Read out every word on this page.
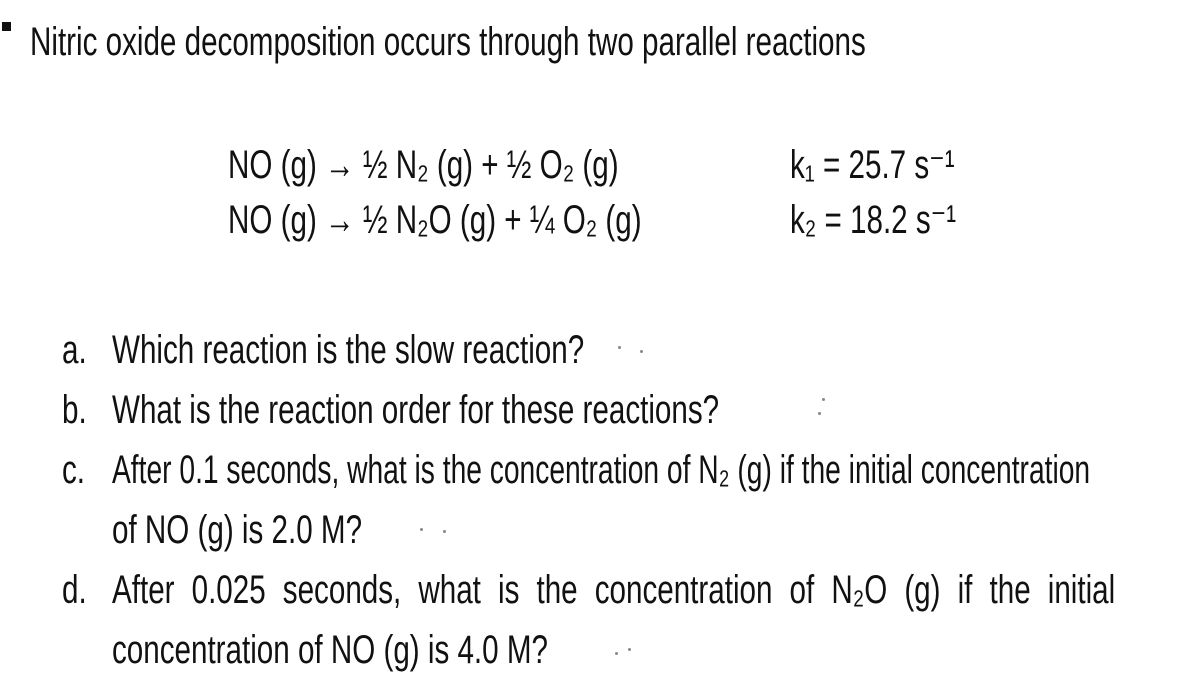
Nitric oxide decomposition occurs through two parallel reactions
NO (g) → ½ N₂ (g) + ½ O₂ (g)	k₁ = 25.7 s⁻¹
NO (g) → ½ N₂O (g) + ¼ O₂ (g)	k₂ = 18.2 s⁻¹
a. Which reaction is the slow reaction?
b. What is the reaction order for these reactions?
c. After 0.1 seconds, what is the concentration of N₂ (g) if the initial concentration
of NO (g) is 2.0 M?
d. After 0.025 seconds, what is the concentration of N₂O (g) if the initial
concentration of NO (g) is 4.0 M?
